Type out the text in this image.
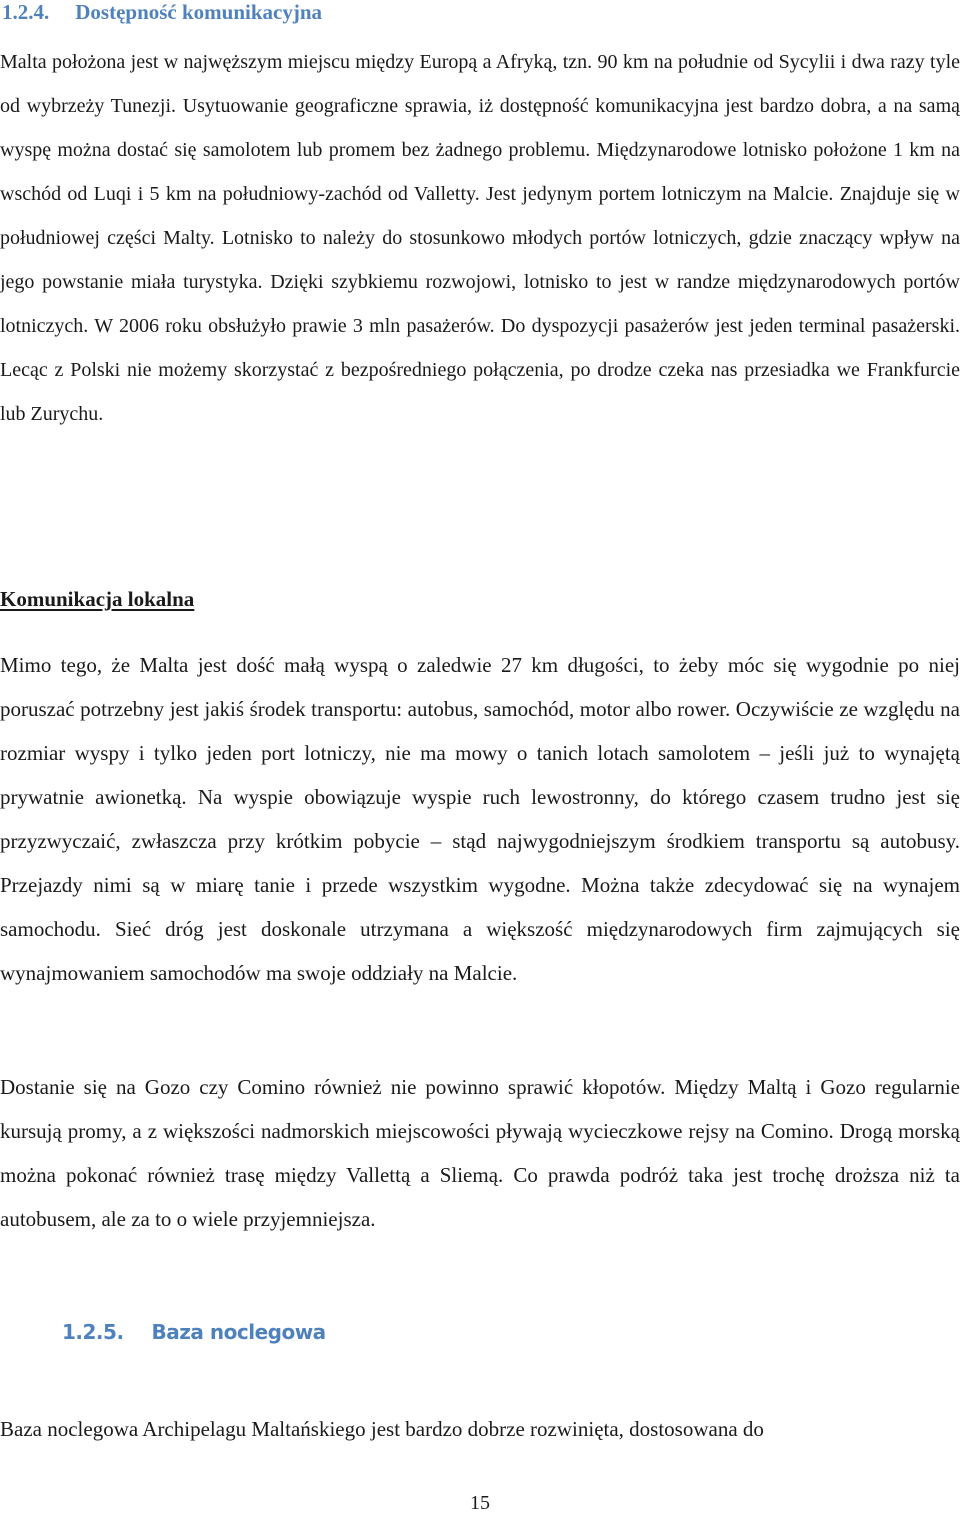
1.2.4. Dostępność komunikacyjna

Malta położona jest w najwęższym miejscu między Europą a Afryką, tzn. 90 km na południe od Sycylii i dwa razy tyle od wybrzeży Tunezji. Usytuowanie geograficzne sprawia, iż dostępność komunikacyjna jest bardzo dobra, a na samą wyspę można dostać się samolotem lub promem bez żadnego problemu. Międzynarodowe lotnisko położone 1 km na wschód od Luqi i 5 km na południowy-zachód od Valletty. Jest jedynym portem lotniczym na Malcie. Znajduje się w południowej części Malty. Lotnisko to należy do stosunkowo młodych portów lotniczych, gdzie znaczący wpływ na jego powstanie miała turystyka. Dzięki szybkiemu rozwojowi, lotnisko to jest w randze międzynarodowych portów lotniczych. W 2006 roku obsłużyło prawie 3 mln pasażerów. Do dyspozycji pasażerów jest jeden terminal pasażerski. Lecąc z Polski nie możemy skorzystać z bezpośredniego połączenia, po drodze czeka nas przesiadka we Frankfurcie lub Zurychu.

Komunikacja lokalna

Mimo tego, że Malta jest dość małą wyspą o zaledwie 27 km długości, to żeby móc się wygodnie po niej poruszać potrzebny jest jakiś środek transportu: autobus, samochód, motor albo rower. Oczywiście ze względu na rozmiar wyspy i tylko jeden port lotniczy, nie ma mowy o tanich lotach samolotem – jeśli już to wynajętą prywatnie awionetką. Na wyspie obowiązuje wyspie ruch lewostronny, do którego czasem trudno jest się przyzwyczaić, zwłaszcza przy krótkim pobycie – stąd najwygodniejszym środkiem transportu są autobusy. Przejazdy nimi są w miarę tanie i przede wszystkim wygodne. Można także zdecydować się na wynajem samochodu. Sieć dróg jest doskonale utrzymana a większość międzynarodowych firm zajmujących się wynajmowaniem samochodów ma swoje oddziały na Malcie.

Dostanie się na Gozo czy Comino również nie powinno sprawić kłopotów. Między Maltą i Gozo regularnie kursują promy, a z większości nadmorskich miejscowości pływają wycieczkowe rejsy na Comino. Drogą morską można pokonać również trasę między Vallettą a Sliemą. Co prawda podróż taka jest trochę droższa niż ta autobusem, ale za to o wiele przyjemniejsza.

1.2.5. Baza noclegowa

Baza noclegowa Archipelagu Maltańskiego jest bardzo dobrze rozwinięta, dostosowana do

15
